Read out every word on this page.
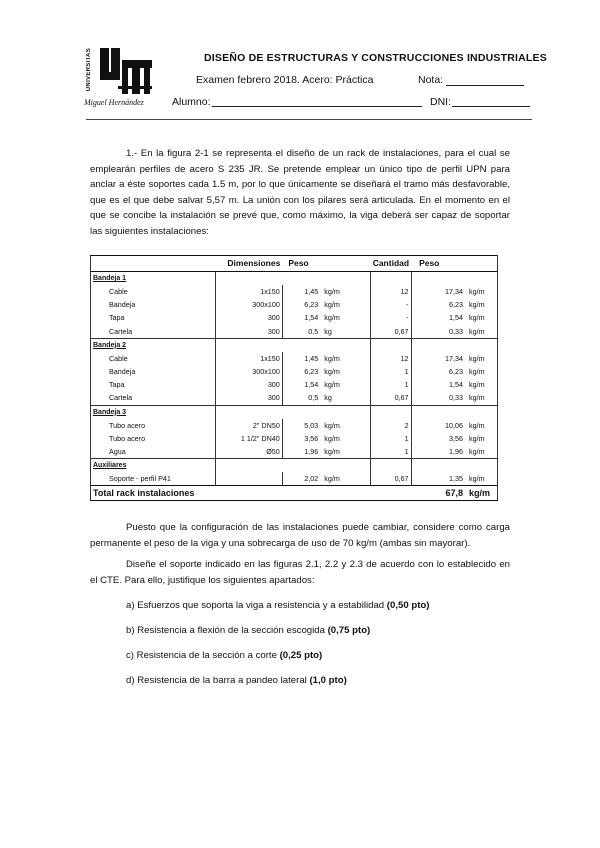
UNIVERSITAS
Miguel Hernández
DISEÑO DE ESTRUCTURAS Y CONSTRUCCIONES INDUSTRIALES
Examen febrero 2018. Acero: Práctica	Nota:
Alumno:	DNI:
1.- En la figura 2-1 se representa el diseño de un rack de instalaciones, para el cual se emplearán perfiles de acero S 235 JR. Se pretende emplear un único tipo de perfil UPN para anclar a éste soportes cada 1.5 m, por lo que únicamente se diseñará el tramo más desfavorable, que es el que debe salvar 5,57 m. La unión con los pilares será articulada. En el momento en el que se concibe la instalación se prevé que, como máximo, la viga deberá ser capaz de soportar las siguientes instalaciones:
		Dimensiones	Peso		Cantidad	Peso	
Bandeja 1							
	Cable	1x150	1,45	kg/m	12	17,34	kg/m
	Bandeja	300x100	6,23	kg/m	-	6,23	kg/m
	Tapa	300	1,54	kg/m	-	1,54	kg/m
	Cartela	300	0,5	kg	0,67	0,33	kg/m
Bandeja 2							
	Cable	1x150	1,45	kg/m	12	17,34	kg/m
	Bandeja	300x100	6,23	kg/m	1	6,23	kg/m
	Tapa	300	1,54	kg/m	1	1,54	kg/m
	Cartela	300	0,5	kg	0,67	0,33	kg/m
Bandeja 3							
	Tubo acero	2" DN50	5,03	kg/m	2	10,06	kg/m
	Tubo acero	1 1/2" DN40	3,56	kg/m	1	3,56	kg/m
	Agua	Ø50	1,96	kg/m	1	1,96	kg/m
Auxiliares							
	Soporte - perfil P41		2,02	kg/m	0,67	1,35	kg/m
Total rack instalaciones						67,8	kg/m
Puesto que la configuración de las instalaciones puede cambiar, considere como carga permanente el peso de la viga y una sobrecarga de uso de 70 kg/m (ambas sin mayorar).
Diseñe el soporte indicado en las figuras 2.1, 2.2 y 2.3 de acuerdo con lo establecido en el CTE. Para ello, justifique los siguientes apartados:
a) Esfuerzos que soporta la viga a resistencia y a estabilidad (0,50 pto)
b) Resistencia a flexión de la sección escogida (0,75 pto)
c) Resistencia de la sección a corte (0,25 pto)
d) Resistencia de la barra a pandeo lateral (1,0 pto)
